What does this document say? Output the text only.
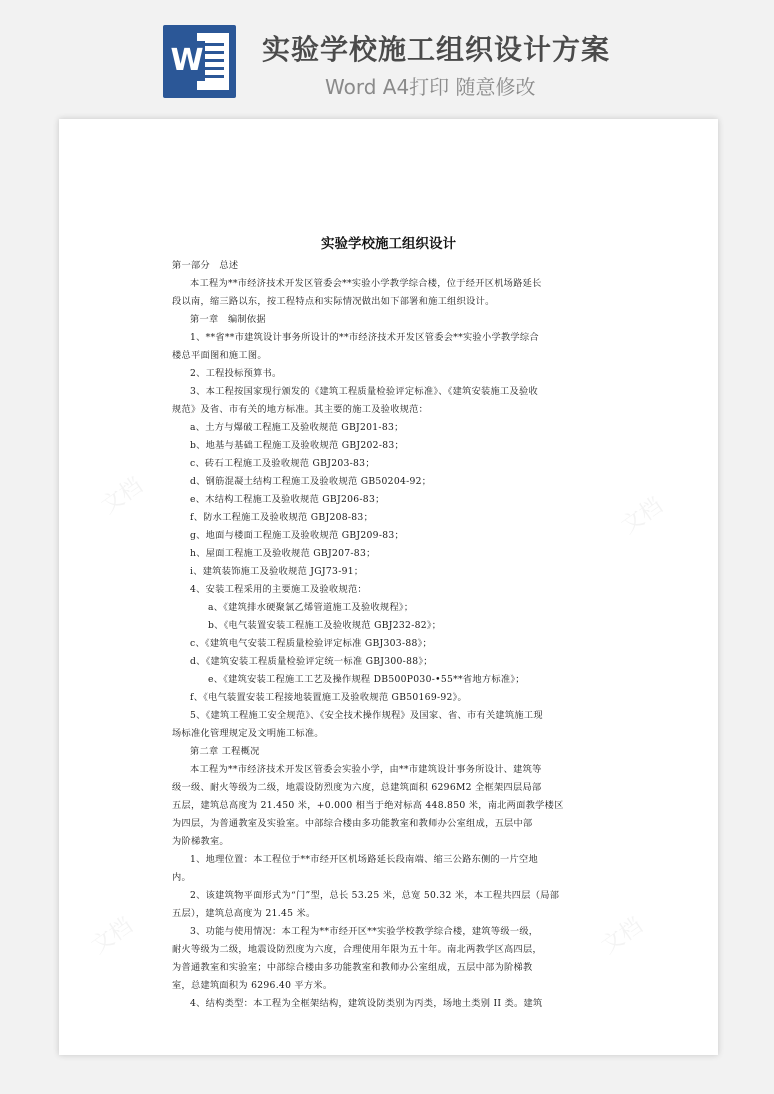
W 实验学校施工组织设计方案
Word A4打印 随意修改
文档	文档
文档	文档
实验学校施工组织设计

第一部分　总述

本工程为**市经济技术开发区管委会**实验小学教学综合楼，位于经开区机场路延长

段以南，缩三路以东，按工程特点和实际情况做出如下部署和施工组织设计。

第一章　编制依据

1、**省**市建筑设计事务所设计的**市经济技术开发区管委会**实验小学教学综合

楼总平面图和施工图。

2、工程投标预算书。

3、本工程按国家现行颁发的《建筑工程质量检验评定标准》、《建筑安装施工及验收

规范》及省、市有关的地方标准。其主要的施工及验收规范：

a、土方与爆破工程施工及验收规范 GBJ201-83；

b、地基与基础工程施工及验收规范 GBJ202-83；

c、砖石工程施工及验收规范 GBJ203-83；

d、钢筋混凝土结构工程施工及验收规范 GB50204-92；

e、木结构工程施工及验收规范 GBJ206-83；

f、防水工程施工及验收规范 GBJ208-83；

g、地面与楼面工程施工及验收规范 GBJ209-83；

h、屋面工程施工及验收规范 GBJ207-83；

i、建筑装饰施工及验收规范 JGJ73-91；

4、安装工程采用的主要施工及验收规范：

a、《建筑排水硬聚氯乙烯管道施工及验收规程》；

b、《电气装置安装工程施工及验收规范 GBJ232-82》；

c、《建筑电气安装工程质量检验评定标准 GBJ303-88》；

d、《建筑安装工程质量检验评定统一标准 GBJ300-88》；

e、《建筑安装工程施工工艺及操作规程 DB500P030-•55**省地方标准》；

f、《电气装置安装工程接地装置施工及验收规范 GB50169-92》。

5、《建筑工程施工安全规范》、《安全技术操作规程》及国家、省、市有关建筑施工现

场标准化管理规定及文明施工标准。

第二章 工程概况

本工程为**市经济技术开发区管委会实验小学，由**市建筑设计事务所设计、建筑等

级一级、耐火等级为二级，地震设防烈度为六度，总建筑面积 6296M2 全框架四层局部

五层，建筑总高度为 21.450 米，+0.000 相当于绝对标高 448.850 米，南北两面教学楼区

为四层，为普通教室及实验室。中部综合楼由多功能教室和教师办公室组成，五层中部

为阶梯教室。

1、地理位置：本工程位于**市经开区机场路延长段南端、缩三公路东侧的一片空地

内。

2、该建筑物平面形式为“门”型，总长 53.25 米，总宽 50.32 米，本工程共四层（局部

五层），建筑总高度为 21.45 米。

3、功能与使用情况：本工程为**市经开区**实验学校教学综合楼，建筑等级一级，

耐火等级为二级，地震设防烈度为六度，合理使用年限为五十年。南北两教学区高四层，

为普通教室和实验室；中部综合楼由多功能教室和教师办公室组成，五层中部为阶梯教

室，总建筑面积为 6296.40 平方米。

4、结构类型：本工程为全框架结构，建筑设防类别为丙类，场地土类别 II 类。建筑
